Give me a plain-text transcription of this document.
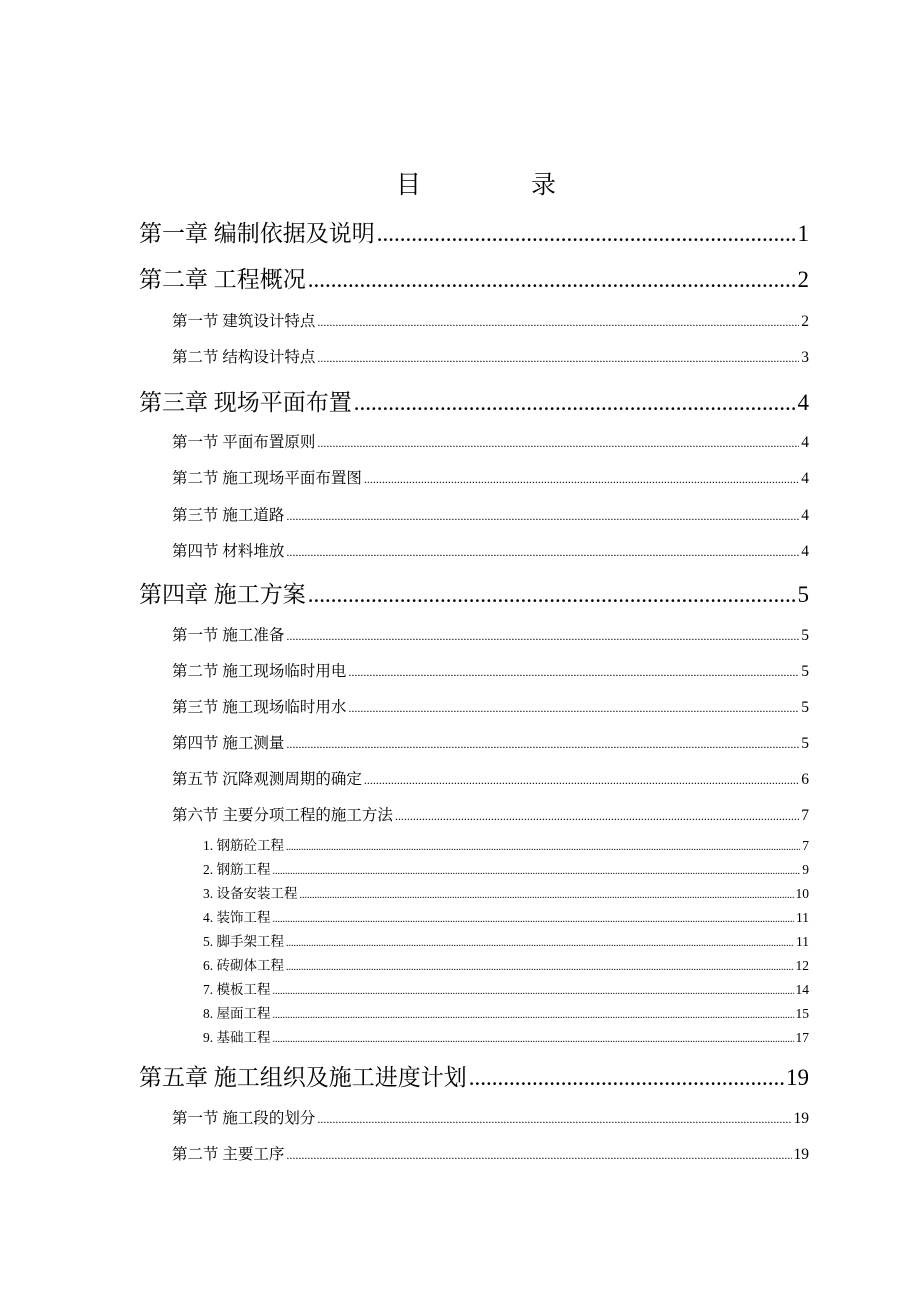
目	录
第一章 编制依据及说明 .....	1
第二章 工程概况 .....	2
第一节 建筑设计特点 .....	2
第二节 结构设计特点 .....	3
第三章 现场平面布置 .....	4
第一节 平面布置原则 .....	4
第二节 施工现场平面布置图 .....	4
第三节 施工道路 .....	4
第四节 材料堆放 .....	4
第四章 施工方案 .....	5
第一节 施工准备 .....	5
第二节 施工现场临时用电 .....	5
第三节 施工现场临时用水 .....	5
第四节 施工测量 .....	5
第五节 沉降观测周期的确定 .....	6
第六节 主要分项工程的施工方法 .....	7
1. 钢筋砼工程 .....	7
2. 钢筋工程 .....	9
3. 设备安装工程 .....	10
4. 装饰工程 .....	11
5. 脚手架工程 .....	11
6. 砖砌体工程 .....	12
7. 模板工程 .....	14
8. 屋面工程 .....	15
9. 基础工程 .....	17
第五章 施工组织及施工进度计划 .....	19
第一节 施工段的划分 .....	19
第二节 主要工序 .....	19
